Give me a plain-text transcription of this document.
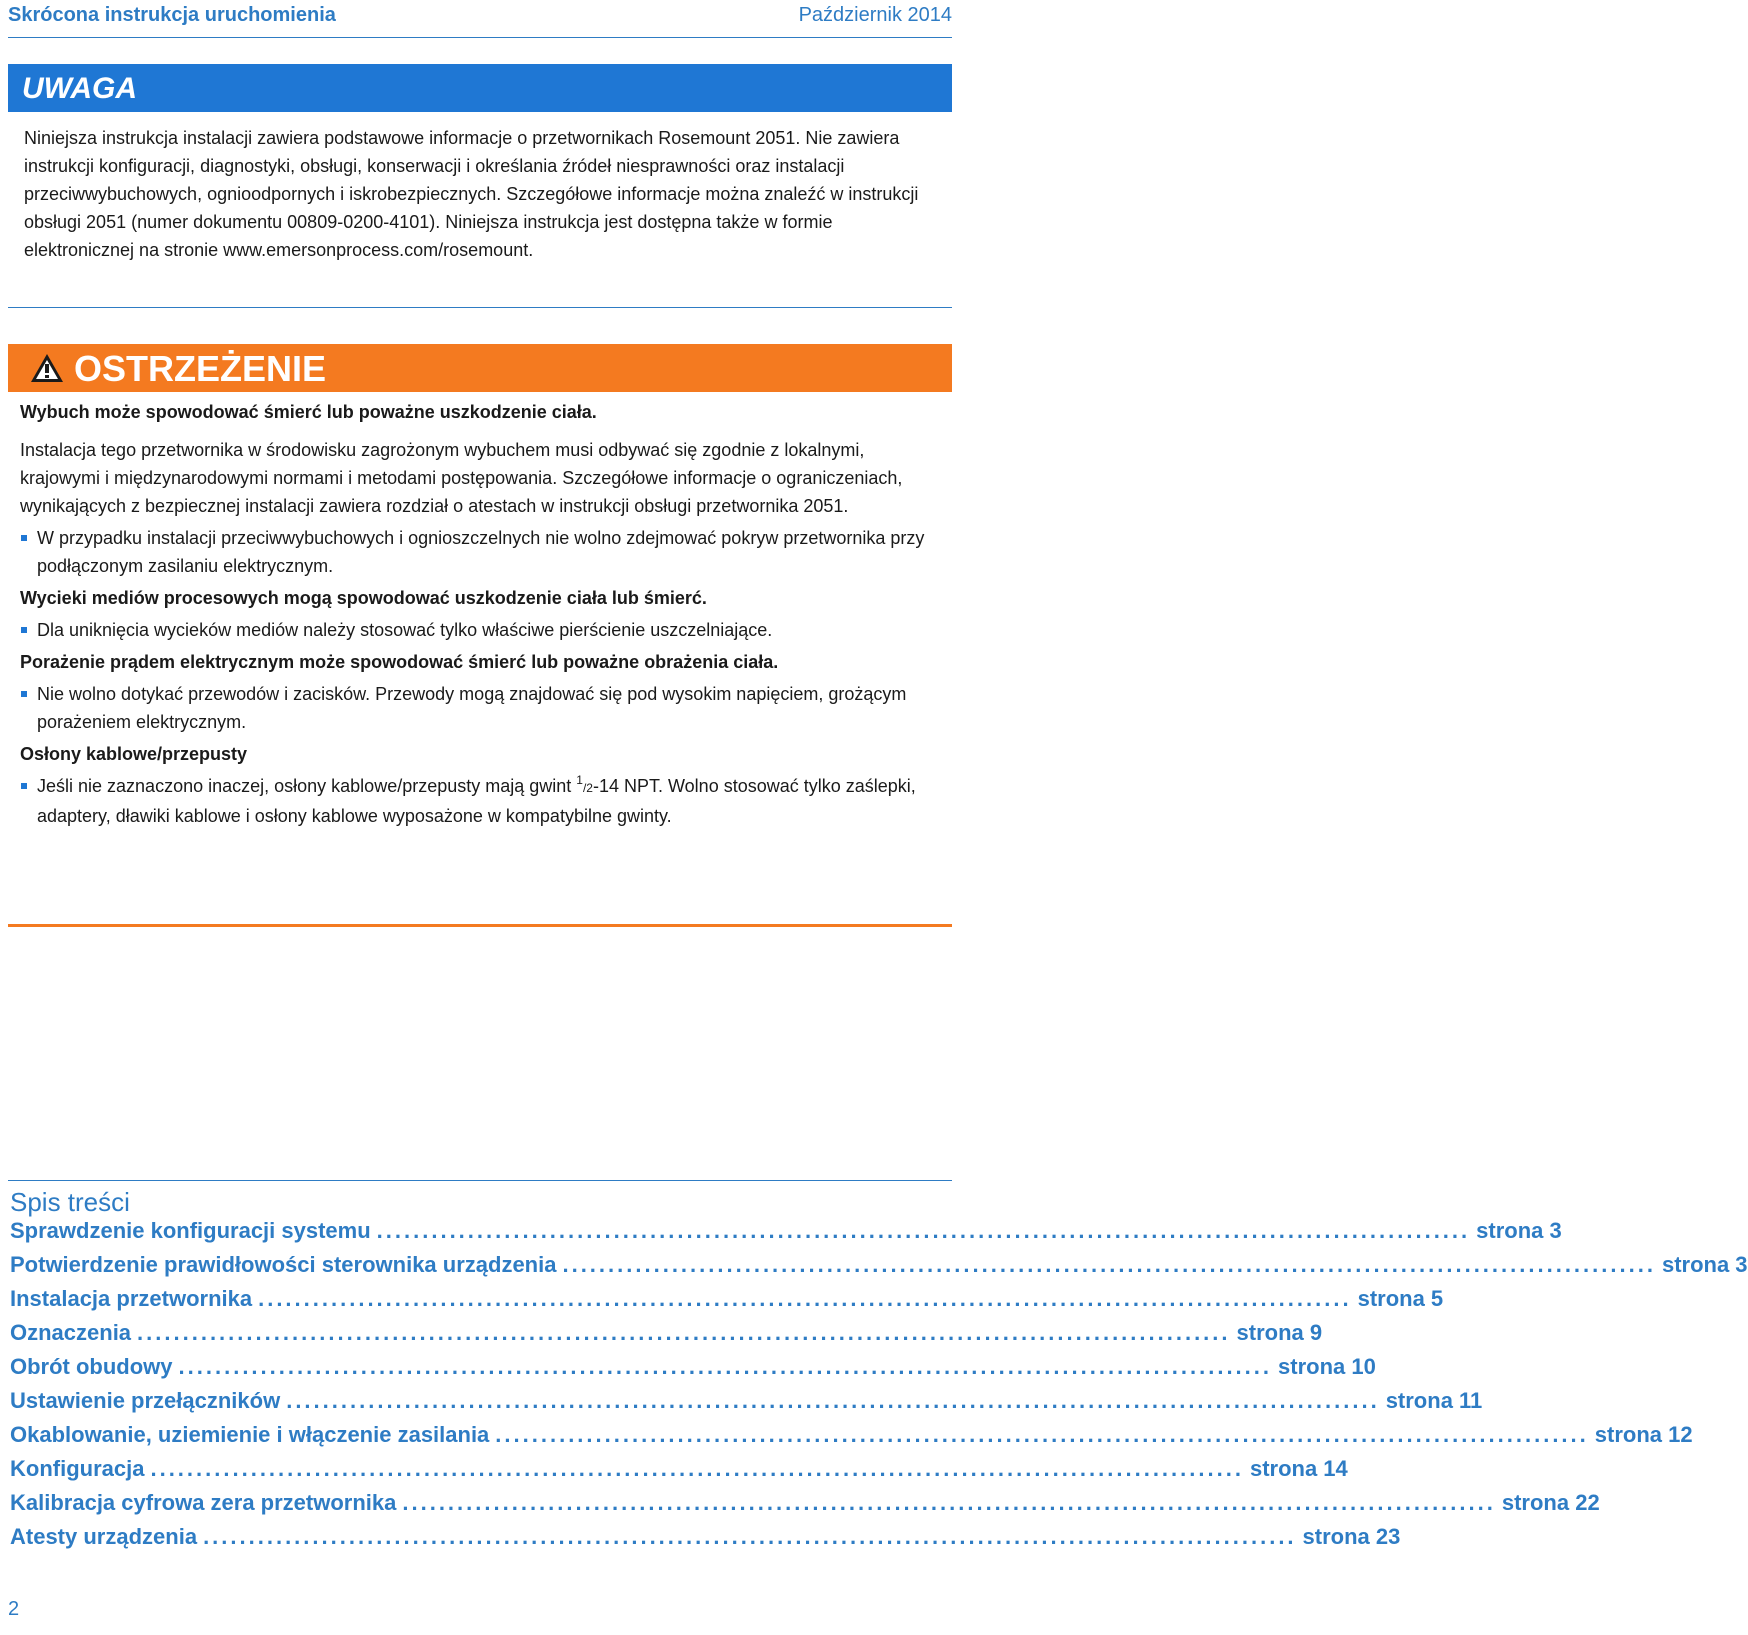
Skrócona instrukcja uruchomienia	Październik 2014
UWAGA
Niniejsza instrukcja instalacji zawiera podstawowe informacje o przetwornikach Rosemount 2051. Nie zawiera instrukcji konfiguracji, diagnostyki, obsługi, konserwacji i określania źródeł niesprawności oraz instalacji przeciwwybuchowych, ognioodpornych i iskrobezpiecznych. Szczegółowe informacje można znaleźć w instrukcji obsługi 2051 (numer dokumentu 00809-0200-4101). Niniejsza instrukcja jest dostępna także w formie elektronicznej na stronie www.emersonprocess.com/rosemount.
OSTRZEŻENIE
Wybuch może spowodować śmierć lub poważne uszkodzenie ciała.
Instalacja tego przetwornika w środowisku zagrożonym wybuchem musi odbywać się zgodnie z lokalnymi, krajowymi i międzynarodowymi normami i metodami postępowania. Szczegółowe informacje o ograniczeniach, wynikających z bezpiecznej instalacji zawiera rozdział o atestach w instrukcji obsługi przetwornika 2051.
W przypadku instalacji przeciwwybuchowych i ognioszczelnych nie wolno zdejmować pokryw przetwornika przy podłączonym zasilaniu elektrycznym.
Wycieki mediów procesowych mogą spowodować uszkodzenie ciała lub śmierć.
Dla uniknięcia wycieków mediów należy stosować tylko właściwe pierścienie uszczelniające.
Porażenie prądem elektrycznym może spowodować śmierć lub poważne obrażenia ciała.
Nie wolno dotykać przewodów i zacisków. Przewody mogą znajdować się pod wysokim napięciem, grożącym porażeniem elektrycznym.
Osłony kablowe/przepusty
Jeśli nie zaznaczono inaczej, osłony kablowe/przepusty mają gwint $^1$/2-14 NPT. Wolno stosować tylko zaślepki, adaptery, dławiki kablowe i osłony kablowe wyposażone w kompatybilne gwinty.
Spis treści
Sprawdzenie konfiguracji systemu ........................................................................................................................ strona 3
Potwierdzenie prawidłowości sterownika urządzenia ........................................................................................................................ strona 3
Instalacja przetwornika ........................................................................................................................ strona 5
Oznaczenia ........................................................................................................................ strona 9
Obrót obudowy ........................................................................................................................ strona 10
Ustawienie przełączników ........................................................................................................................ strona 11
Okablowanie, uziemienie i włączenie zasilania ........................................................................................................................ strona 12
Konfiguracja ........................................................................................................................ strona 14
Kalibracja cyfrowa zera przetwornika ........................................................................................................................ strona 22
Atesty urządzenia ........................................................................................................................ strona 23
2
